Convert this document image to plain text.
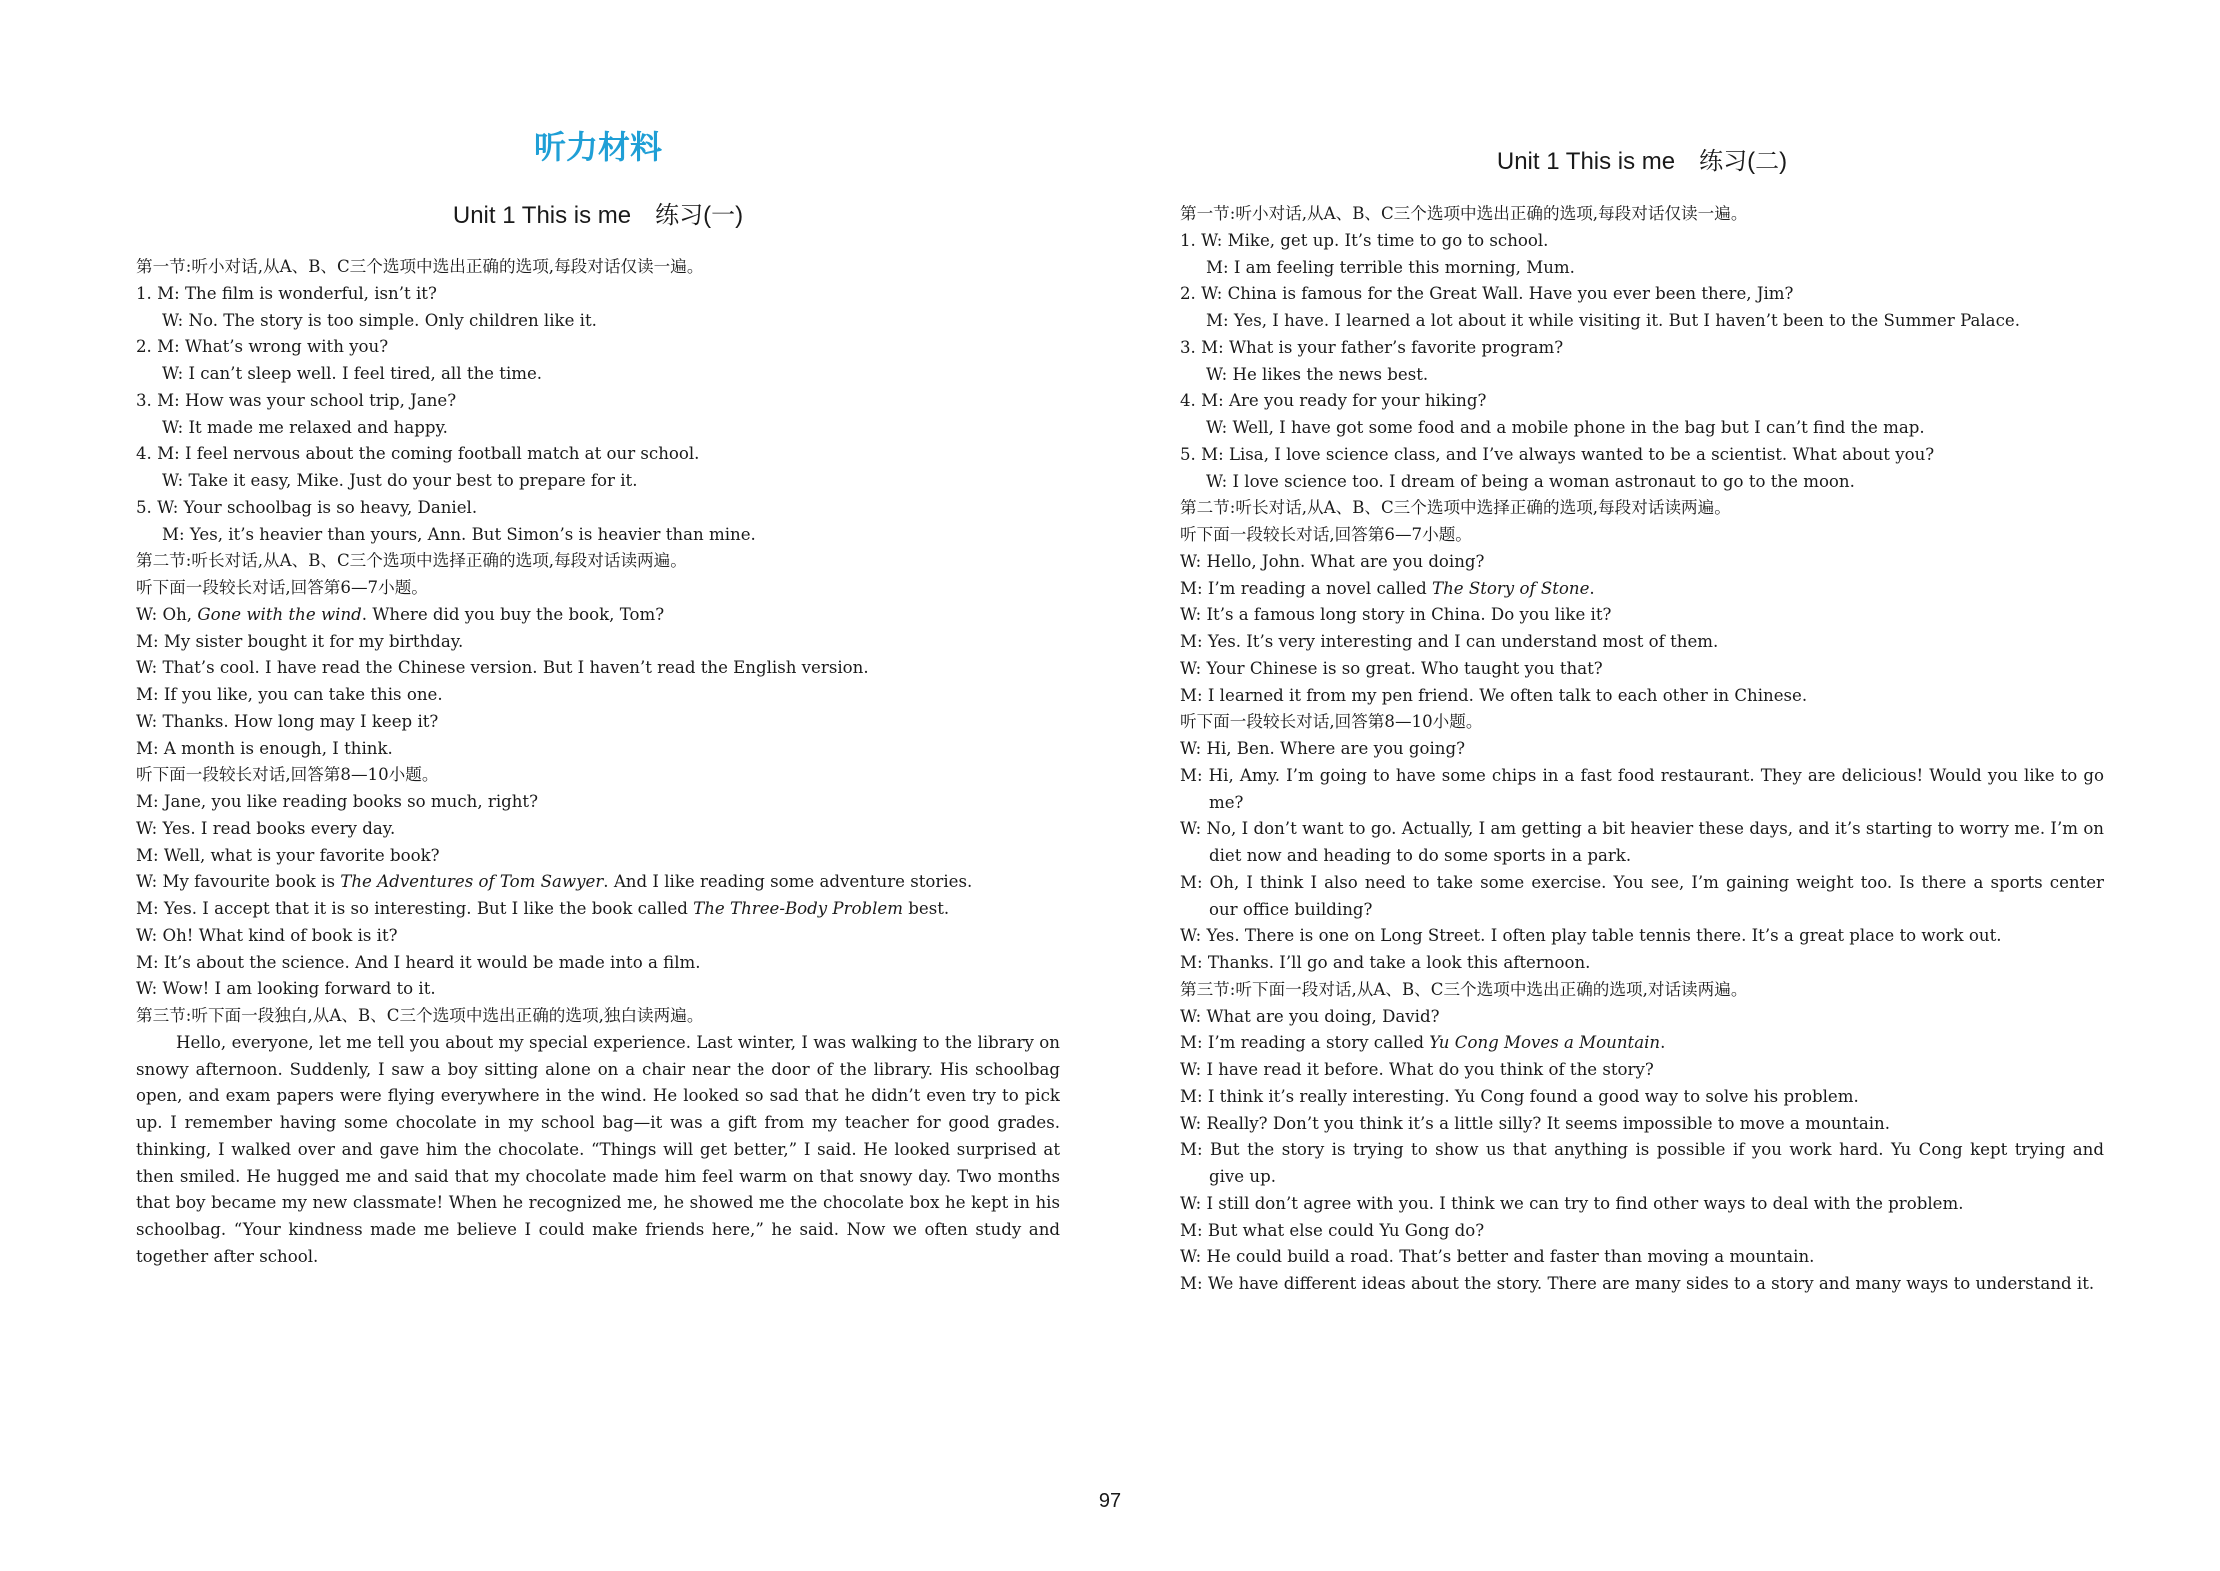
听力材料
Unit 1 This is me　练习(一)
第一节:听小对话,从A、B、C三个选项中选出正确的选项,每段对话仅读一遍。
1. M: The film is wonderful, isn’t it?
W: No. The story is too simple. Only children like it.
2. M: What’s wrong with you?
W: I can’t sleep well. I feel tired, all the time.
3. M: How was your school trip, Jane?
W: It made me relaxed and happy.
4. M: I feel nervous about the coming football match at our school.
W: Take it easy, Mike. Just do your best to prepare for it.
5. W: Your schoolbag is so heavy, Daniel.
M: Yes, it’s heavier than yours, Ann. But Simon’s is heavier than mine.
第二节:听长对话,从A、B、C三个选项中选择正确的选项,每段对话读两遍。
听下面一段较长对话,回答第6—7小题。
W: Oh, Gone with the wind. Where did you buy the book, Tom?
M: My sister bought it for my birthday.
W: That’s cool. I have read the Chinese version. But I haven’t read the English version.
M: If you like, you can take this one.
W: Thanks. How long may I keep it?
M: A month is enough, I think.
听下面一段较长对话,回答第8—10小题。
M: Jane, you like reading books so much, right?
W: Yes. I read books every day.
M: Well, what is your favorite book?
W: My favourite book is The Adventures of Tom Sawyer. And I like reading some adventure stories.
M: Yes. I accept that it is so interesting. But I like the book called The Three-Body Problem best.
W: Oh! What kind of book is it?
M: It’s about the science. And I heard it would be made into a film.
W: Wow! I am looking forward to it.
第三节:听下面一段独白,从A、B、C三个选项中选出正确的选项,独白读两遍。
Hello, everyone, let me tell you about my special experience. Last winter, I was walking to the library on
snowy afternoon. Suddenly, I saw a boy sitting alone on a chair near the door of the library. His schoolbag
open, and exam papers were flying everywhere in the wind. He looked so sad that he didn’t even try to pick
up. I remember having some chocolate in my school bag—it was a gift from my teacher for good grades.
thinking, I walked over and gave him the chocolate. “Things will get better,” I said. He looked surprised at
then smiled. He hugged me and said that my chocolate made him feel warm on that snowy day. Two months
that boy became my new classmate! When he recognized me, he showed me the chocolate box he kept in his
schoolbag. “Your kindness made me believe I could make friends here,” he said. Now we often study and
together after school.
Unit 1 This is me　练习(二)
第一节:听小对话,从A、B、C三个选项中选出正确的选项,每段对话仅读一遍。
1. W: Mike, get up. It’s time to go to school.
M: I am feeling terrible this morning, Mum.
2. W: China is famous for the Great Wall. Have you ever been there, Jim?
M: Yes, I have. I learned a lot about it while visiting it. But I haven’t been to the Summer Palace.
3. M: What is your father’s favorite program?
W: He likes the news best.
4. M: Are you ready for your hiking?
W: Well, I have got some food and a mobile phone in the bag but I can’t find the map.
5. M: Lisa, I love science class, and I’ve always wanted to be a scientist. What about you?
W: I love science too. I dream of being a woman astronaut to go to the moon.
第二节:听长对话,从A、B、C三个选项中选择正确的选项,每段对话读两遍。
听下面一段较长对话,回答第6—7小题。
W: Hello, John. What are you doing?
M: I’m reading a novel called The Story of Stone.
W: It’s a famous long story in China. Do you like it?
M: Yes. It’s very interesting and I can understand most of them.
W: Your Chinese is so great. Who taught you that?
M: I learned it from my pen friend. We often talk to each other in Chinese.
听下面一段较长对话,回答第8—10小题。
W: Hi, Ben. Where are you going?
M: Hi, Amy. I’m going to have some chips in a fast food restaurant. They are delicious! Would you like to go
me?
W: No, I don’t want to go. Actually, I am getting a bit heavier these days, and it’s starting to worry me. I’m on
diet now and heading to do some sports in a park.
M: Oh, I think I also need to take some exercise. You see, I’m gaining weight too. Is there a sports center
our office building?
W: Yes. There is one on Long Street. I often play table tennis there. It’s a great place to work out.
M: Thanks. I’ll go and take a look this afternoon.
第三节:听下面一段对话,从A、B、C三个选项中选出正确的选项,对话读两遍。
W: What are you doing, David?
M: I’m reading a story called Yu Cong Moves a Mountain.
W: I have read it before. What do you think of the story?
M: I think it’s really interesting. Yu Cong found a good way to solve his problem.
W: Really? Don’t you think it’s a little silly? It seems impossible to move a mountain.
M: But the story is trying to show us that anything is possible if you work hard. Yu Cong kept trying and
give up.
W: I still don’t agree with you. I think we can try to find other ways to deal with the problem.
M: But what else could Yu Gong do?
W: He could build a road. That’s better and faster than moving a mountain.
M: We have different ideas about the story. There are many sides to a story and many ways to understand it.
97
